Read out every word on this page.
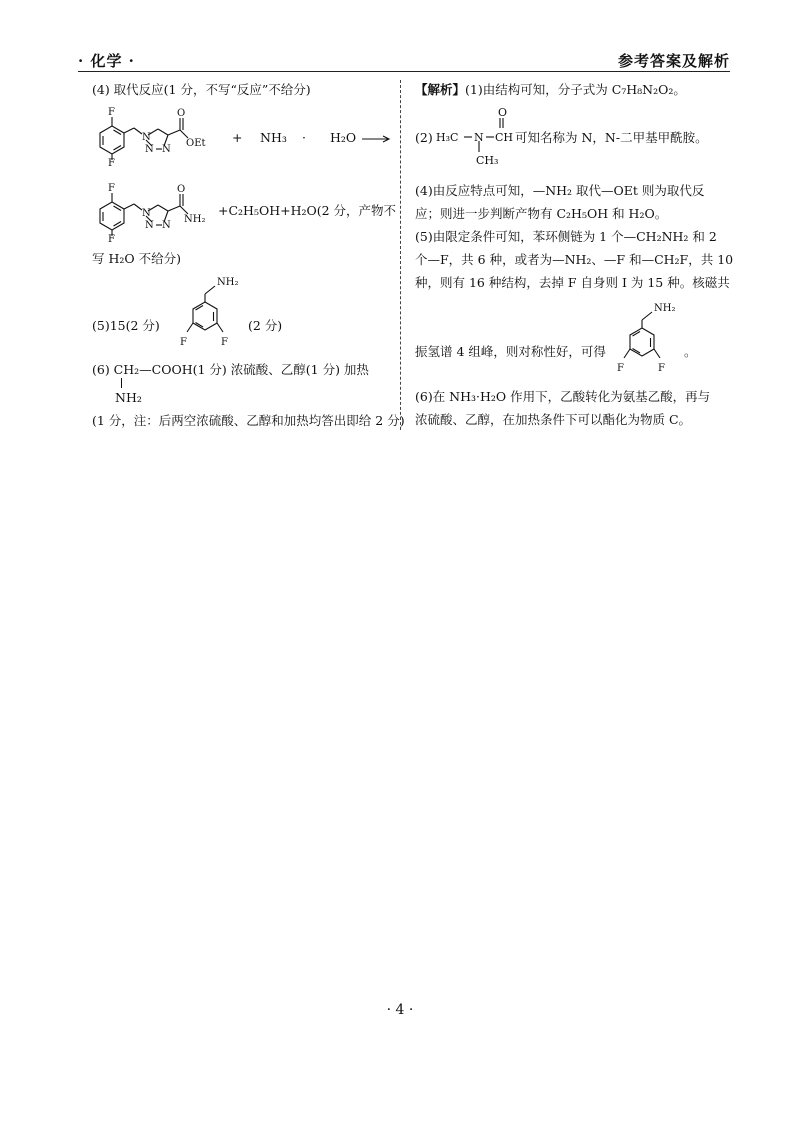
· 化学 ·	参考答案及解析
(4) 取代反应(1 分，不写“反应”不给分)
F
F
N
N N
O
OEt + NH₃ · H₂O →
F
F
N
N N
O
NH₂
+C₂H₅OH+H₂O(2 分，产物不
写 H₂O 不给分)
(5)15(2 分)
NH₂
F
F
(2 分)
(6) CH₂—COOH(1 分) 浓硫酸、乙醇(1 分) 加热
NH₂
(1 分，注：后两空浓硫酸、乙醇和加热均答出即给 2 分)
【解析】(1)由结构可知，分子式为 C₇H₈N₂O₂。
(2) H₃C N CH
O
CH₃
可知名称为 N，N-二甲基甲酰胺。
(4)由反应特点可知，—NH₂ 取代—OEt 则为取代反
应；则进一步判断产物有 C₂H₅OH 和 H₂O。
(5)由限定条件可知，苯环侧链为 1 个—CH₂NH₂ 和 2
个—F，共 6 种，或者为—NH₂、—F 和—CH₂F，共 10
种，则有 16 种结构，去掉 F 自身则 I 为 15 种。核磁共
振氢谱 4 组峰，则对称性好，可得
NH₂
F
F
。
(6)在 NH₃·H₂O 作用下，乙酸转化为氨基乙酸，再与
浓硫酸、乙醇，在加热条件下可以酯化为物质 C。
· 4 ·
